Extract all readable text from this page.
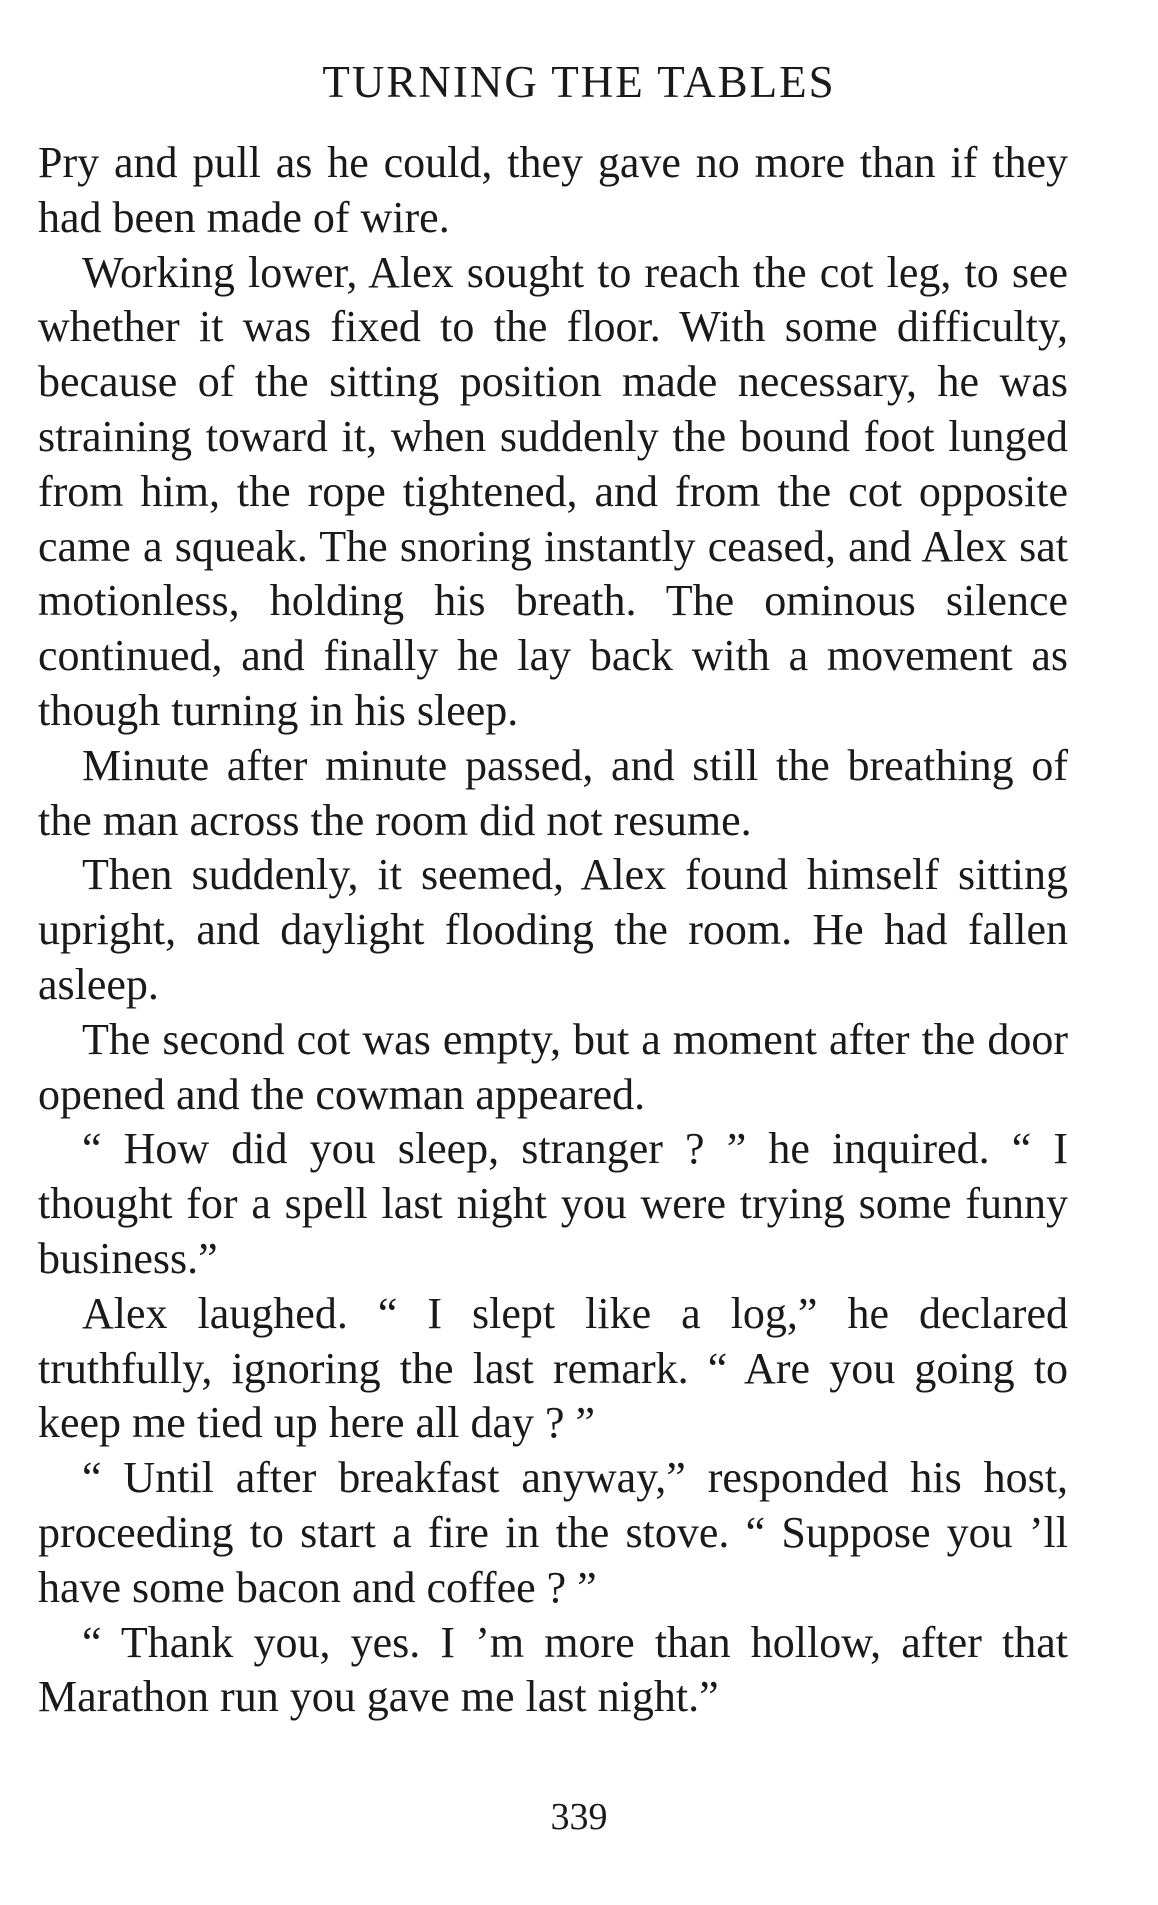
TURNING THE TABLES

Pry and pull as he could, they gave no more than if they had been made of wire.

Working lower, Alex sought to reach the cot leg, to see whether it was fixed to the floor. With some difficulty, because of the sitting position made necessary, he was straining toward it, when suddenly the bound foot lunged from him, the rope tightened, and from the cot opposite came a squeak. The snoring instantly ceased, and Alex sat motionless, holding his breath. The ominous silence continued, and finally he lay back with a movement as though turning in his sleep.

Minute after minute passed, and still the breathing of the man across the room did not resume.

Then suddenly, it seemed, Alex found himself sitting upright, and daylight flooding the room. He had fallen asleep.

The second cot was empty, but a moment after the door opened and the cowman appeared.

“ How did you sleep, stranger ? ” he inquired. “ I thought for a spell last night you were trying some funny business.”

Alex laughed. “ I slept like a log,” he declared truthfully, ignoring the last remark. “ Are you going to keep me tied up here all day ? ”

“ Until after breakfast anyway,” responded his host, proceeding to start a fire in the stove. “ Suppose you ’ll have some bacon and coffee ? ”

“ Thank you, yes. I ’m more than hollow, after that Marathon run you gave me last night.”

339
